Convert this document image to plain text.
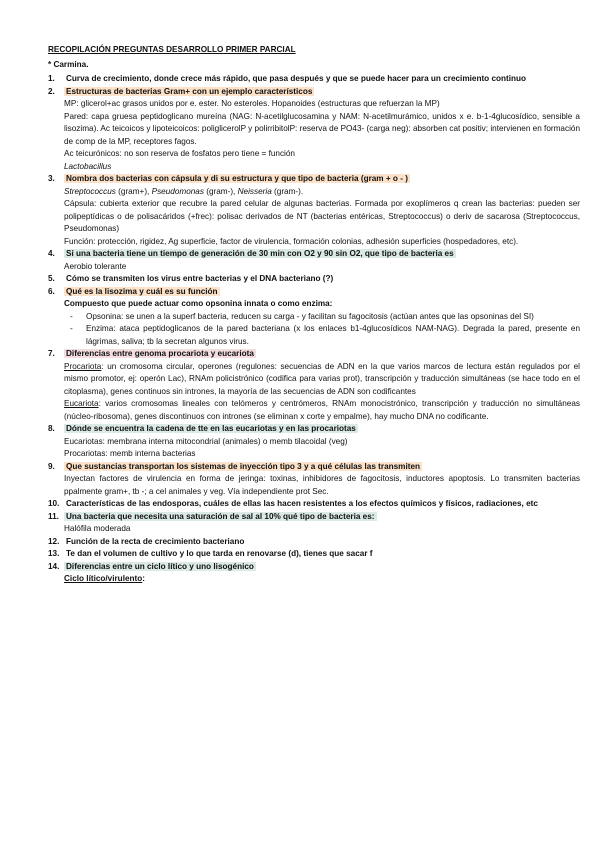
RECOPILACIÓN PREGUNTAS DESARROLLO PRIMER PARCIAL
* Carmina.
1. Curva de crecimiento, donde crece más rápido, que pasa después y que se puede hacer para un crecimiento continuo
2. Estructuras de bacterias Gram+ con un ejemplo característicos
MP: glicerol+ac grasos unidos por e. ester. No esteroles. Hopanoides (estructuras que refuerzan la MP)
Pared: capa gruesa peptidoglicano mureína (NAG: N-acetilglucosamina y NAM: N-acetilmurámico, unidos x e. b-1-4glucosídico, sensible a lisozima). Ac teicoicos y lipoteicoicos: poliglicerolP y polirribitolP: reserva de PO43- (carga neg): absorben cat positiv; intervienen en formación de comp de la MP, receptores fagos.
Ac teicurónicos: no son reserva de fosfatos pero tiene = función
Lactobacillus
3. Nombra dos bacterias con cápsula y di su estructura y que tipo de bacteria (gram + o - )
Streptococcus (gram+), Pseudomonas (gram-), Neisseria (gram-).
Cápsula: cubierta exterior que recubre la pared celular de algunas bacterias. Formada por exoplímeros q crean las bacterias: pueden ser polipeptídicas o de polisacáridos (+frec): polisac derivados de NT (bacterias entéricas, Streptococcus) o deriv de sacarosa (Streptococcus, Pseudomonas)
Función: protección, rigidez, Ag superficie, factor de virulencia, formación colonias, adhesión superficies (hospedadores, etc).
4. Si una bacteria tiene un tiempo de generación de 30 min con O2 y 90 sin O2, que tipo de bacteria es
Aerobio tolerante
5. Cómo se transmiten los virus entre bacterias y el DNA bacteriano (?)
6. Qué es la lisozima y cuál es su función
Compuesto que puede actuar como opsonina innata o como enzima:
- Opsonina: se unen a la superf bacteria, reducen su carga - y facilitan su fagocitosis (actúan antes que las opsoninas del SI)
- Enzima: ataca peptidoglicanos de la pared bacteriana (x los enlaces b1-4glucosídicos NAM-NAG). Degrada la pared, presente en lágrimas, saliva; tb la secretan algunos virus.
7. Diferencias entre genoma procariota y eucariota
Procariota: un cromosoma circular, operones (regulones: secuencias de ADN en la que varios marcos de lectura están regulados por el mismo promotor, ej: operón Lac), RNAm policistrónico (codifica para varias prot), transcripción y traducción simultáneas (se hace todo en el citoplasma), genes continuos sin intrones, la mayoría de las secuencias de ADN son codificantes
Eucariota: varios cromosomas lineales con telómeros y centrómeros, RNAm monocistrónico, transcripción y traducción no simultáneas (núcleo-ribosoma), genes discontinuos con intrones (se eliminan x corte y empalme), hay mucho DNA no codificante.
8. Dónde se encuentra la cadena de tte en las eucariotas y en las procariotas
Eucariotas: membrana interna mitocondrial (animales) o memb tilacoidal (veg)
Procariotas: memb interna bacterias
9. Que sustancias transportan los sistemas de inyección tipo 3 y a qué células las transmiten
Inyectan factores de virulencia en forma de jeringa: toxinas, inhibidores de fagocitosis, inductores apoptosis. Lo transmiten bacterias ppalmente gram+, tb -; a cel animales y veg. Vía independiente prot Sec.
10. Características de las endosporas, cuáles de ellas las hacen resistentes a los efectos químicos y físicos, radiaciones, etc
11. Una bacteria que necesita una saturación de sal al 10% qué tipo de bacteria es:
Halófila moderada
12. Función de la recta de crecimiento bacteriano
13. Te dan el volumen de cultivo y lo que tarda en renovarse (d), tienes que sacar f
14. Diferencias entre un ciclo lítico y uno lisogénico
Ciclo lítico/virulento:
